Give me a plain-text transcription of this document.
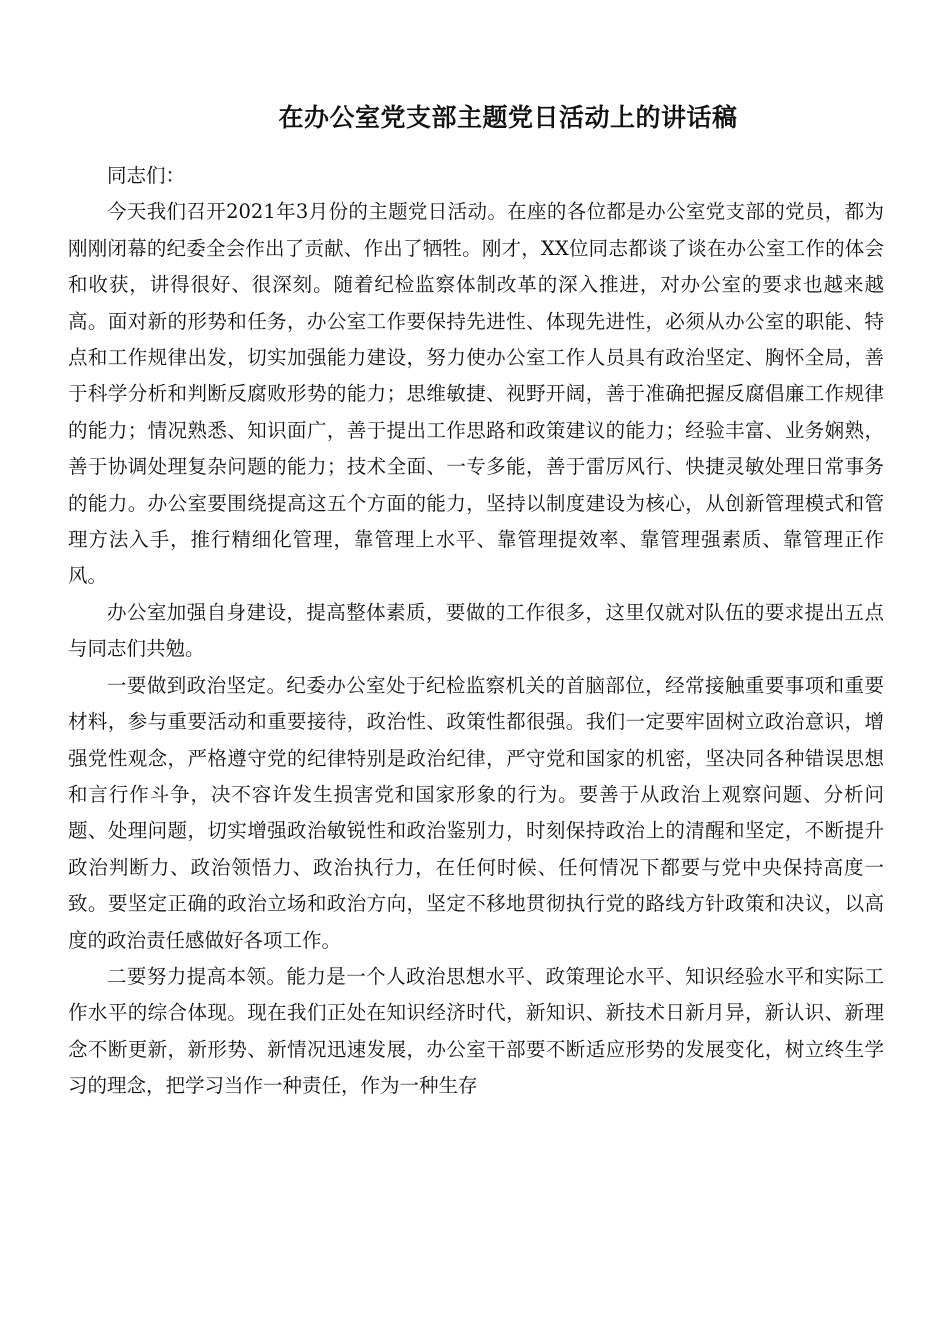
在办公室党支部主题党日活动上的讲话稿

同志们：

今天我们召开2021年3月份的主题党日活动。在座的各位都是办公室党支部的党员，都为刚刚闭幕的纪委全会作出了贡献、作出了牺牲。刚才，XX位同志都谈了谈在办公室工作的体会和收获，讲得很好、很深刻。随着纪检监察体制改革的深入推进，对办公室的要求也越来越高。面对新的形势和任务，办公室工作要保持先进性、体现先进性，必须从办公室的职能、特点和工作规律出发，切实加强能力建设，努力使办公室工作人员具有政治坚定、胸怀全局，善于科学分析和判断反腐败形势的能力；思维敏捷、视野开阔，善于准确把握反腐倡廉工作规律的能力；情况熟悉、知识面广，善于提出工作思路和政策建议的能力；经验丰富、业务娴熟，善于协调处理复杂问题的能力；技术全面、一专多能，善于雷厉风行、快捷灵敏处理日常事务的能力。办公室要围绕提高这五个方面的能力，坚持以制度建设为核心，从创新管理模式和管理方法入手，推行精细化管理，靠管理上水平、靠管理提效率、靠管理强素质、靠管理正作风。

办公室加强自身建设，提高整体素质，要做的工作很多，这里仅就对队伍的要求提出五点与同志们共勉。

一要做到政治坚定。纪委办公室处于纪检监察机关的首脑部位，经常接触重要事项和重要材料，参与重要活动和重要接待，政治性、政策性都很强。我们一定要牢固树立政治意识，增强党性观念，严格遵守党的纪律特别是政治纪律，严守党和国家的机密，坚决同各种错误思想和言行作斗争，决不容许发生损害党和国家形象的行为。要善于从政治上观察问题、分析问题、处理问题，切实增强政治敏锐性和政治鉴别力，时刻保持政治上的清醒和坚定，不断提升政治判断力、政治领悟力、政治执行力，在任何时候、任何情况下都要与党中央保持高度一致。要坚定正确的政治立场和政治方向，坚定不移地贯彻执行党的路线方针政策和决议，以高度的政治责任感做好各项工作。

二要努力提高本领。能力是一个人政治思想水平、政策理论水平、知识经验水平和实际工作水平的综合体现。现在我们正处在知识经济时代，新知识、新技术日新月异，新认识、新理念不断更新，新形势、新情况迅速发展，办公室干部要不断适应形势的发展变化，树立终生学习的理念，把学习当作一种责任，作为一种生存
